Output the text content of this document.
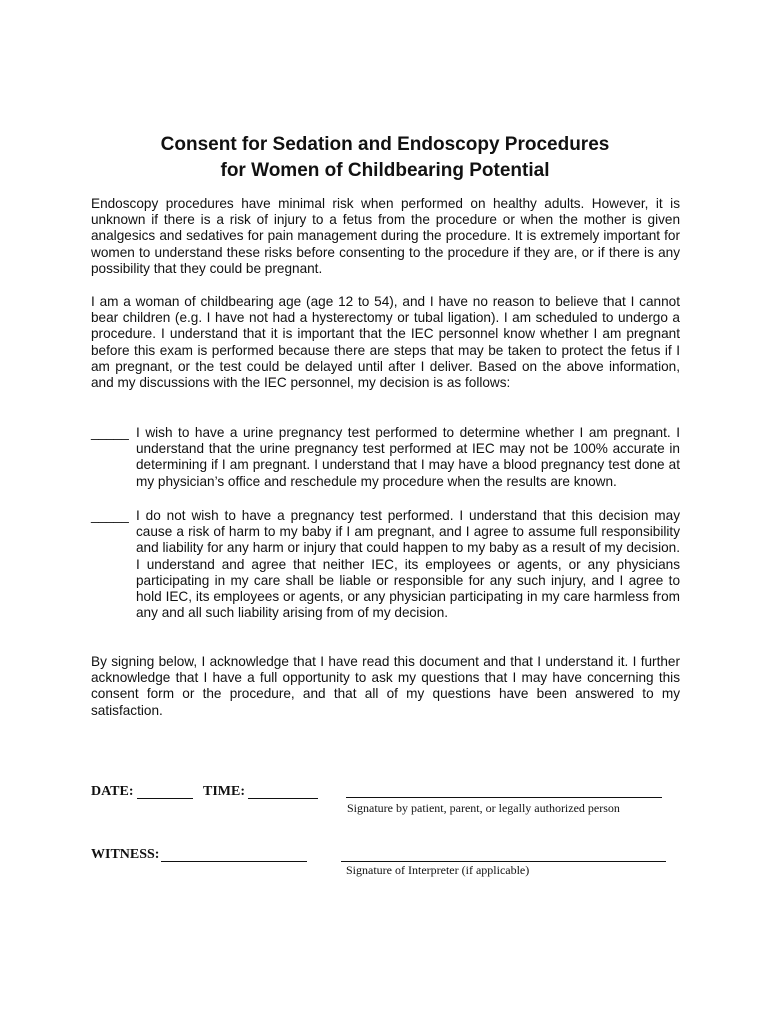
Consent for Sedation and Endoscopy Procedures
for Women of Childbearing Potential

Endoscopy procedures have minimal risk when performed on healthy adults. However, it is unknown if there is a risk of injury to a fetus from the procedure or when the mother is given analgesics and sedatives for pain management during the procedure. It is extremely important for women to understand these risks before consenting to the procedure if they are, or if there is any possibility that they could be pregnant.

I am a woman of childbearing age (age 12 to 54), and I have no reason to believe that I cannot bear children (e.g. I have not had a hysterectomy or tubal ligation). I am scheduled to undergo a procedure. I understand that it is important that the IEC personnel know whether I am pregnant before this exam is performed because there are steps that may be taken to protect the fetus if I am pregnant, or the test could be delayed until after I deliver. Based on the above information, and my discussions with the IEC personnel, my decision is as follows:

_____ I wish to have a urine pregnancy test performed to determine whether I am pregnant. I understand that the urine pregnancy test performed at IEC may not be 100% accurate in determining if I am pregnant. I understand that I may have a blood pregnancy test done at my physician’s office and reschedule my procedure when the results are known.
_____ I do not wish to have a pregnancy test performed. I understand that this decision may cause a risk of harm to my baby if I am pregnant, and I agree to assume full responsibility and liability for any harm or injury that could happen to my baby as a result of my decision. I understand and agree that neither IEC, its employees or agents, or any physicians participating in my care shall be liable or responsible for any such injury, and I agree to hold IEC, its employees or agents, or any physician participating in my care harmless from any and all such liability arising from of my decision.

By signing below, I acknowledge that I have read this document and that I understand it. I further acknowledge that I have a full opportunity to ask my questions that I may have concerning this consent form or the procedure, and that all of my questions have been answered to my satisfaction.

DATE:	TIME:
Signature by patient, parent, or legally authorized person
WITNESS:
Signature of Interpreter (if applicable)
